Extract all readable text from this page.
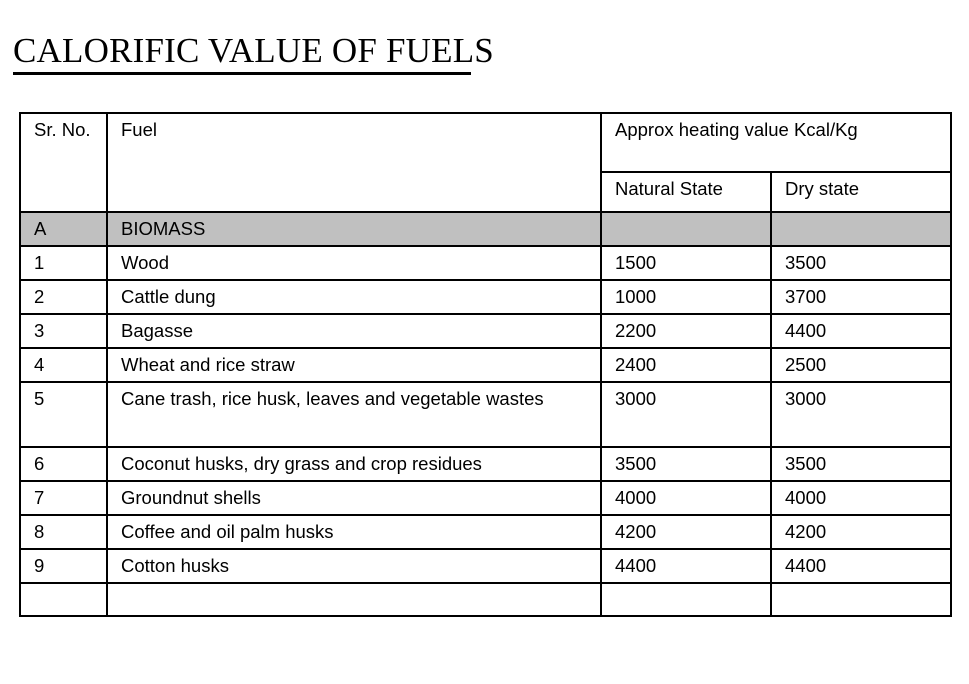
CALORIFIC VALUE OF FUELS
Sr. No.	Fuel	Approx heating value Kcal/Kg	
		Natural State	Dry state
A	BIOMASS		
1	Wood	1500	3500
2	Cattle dung	1000	3700
3	Bagasse	2200	4400
4	Wheat and rice straw	2400	2500
5	Cane trash, rice husk, leaves and vegetable wastes	3000	3000
6	Coconut husks, dry grass and crop residues	3500	3500
7	Groundnut shells	4000	4000
8	Coffee and oil palm husks	4200	4200
9	Cotton husks	4400	4400
